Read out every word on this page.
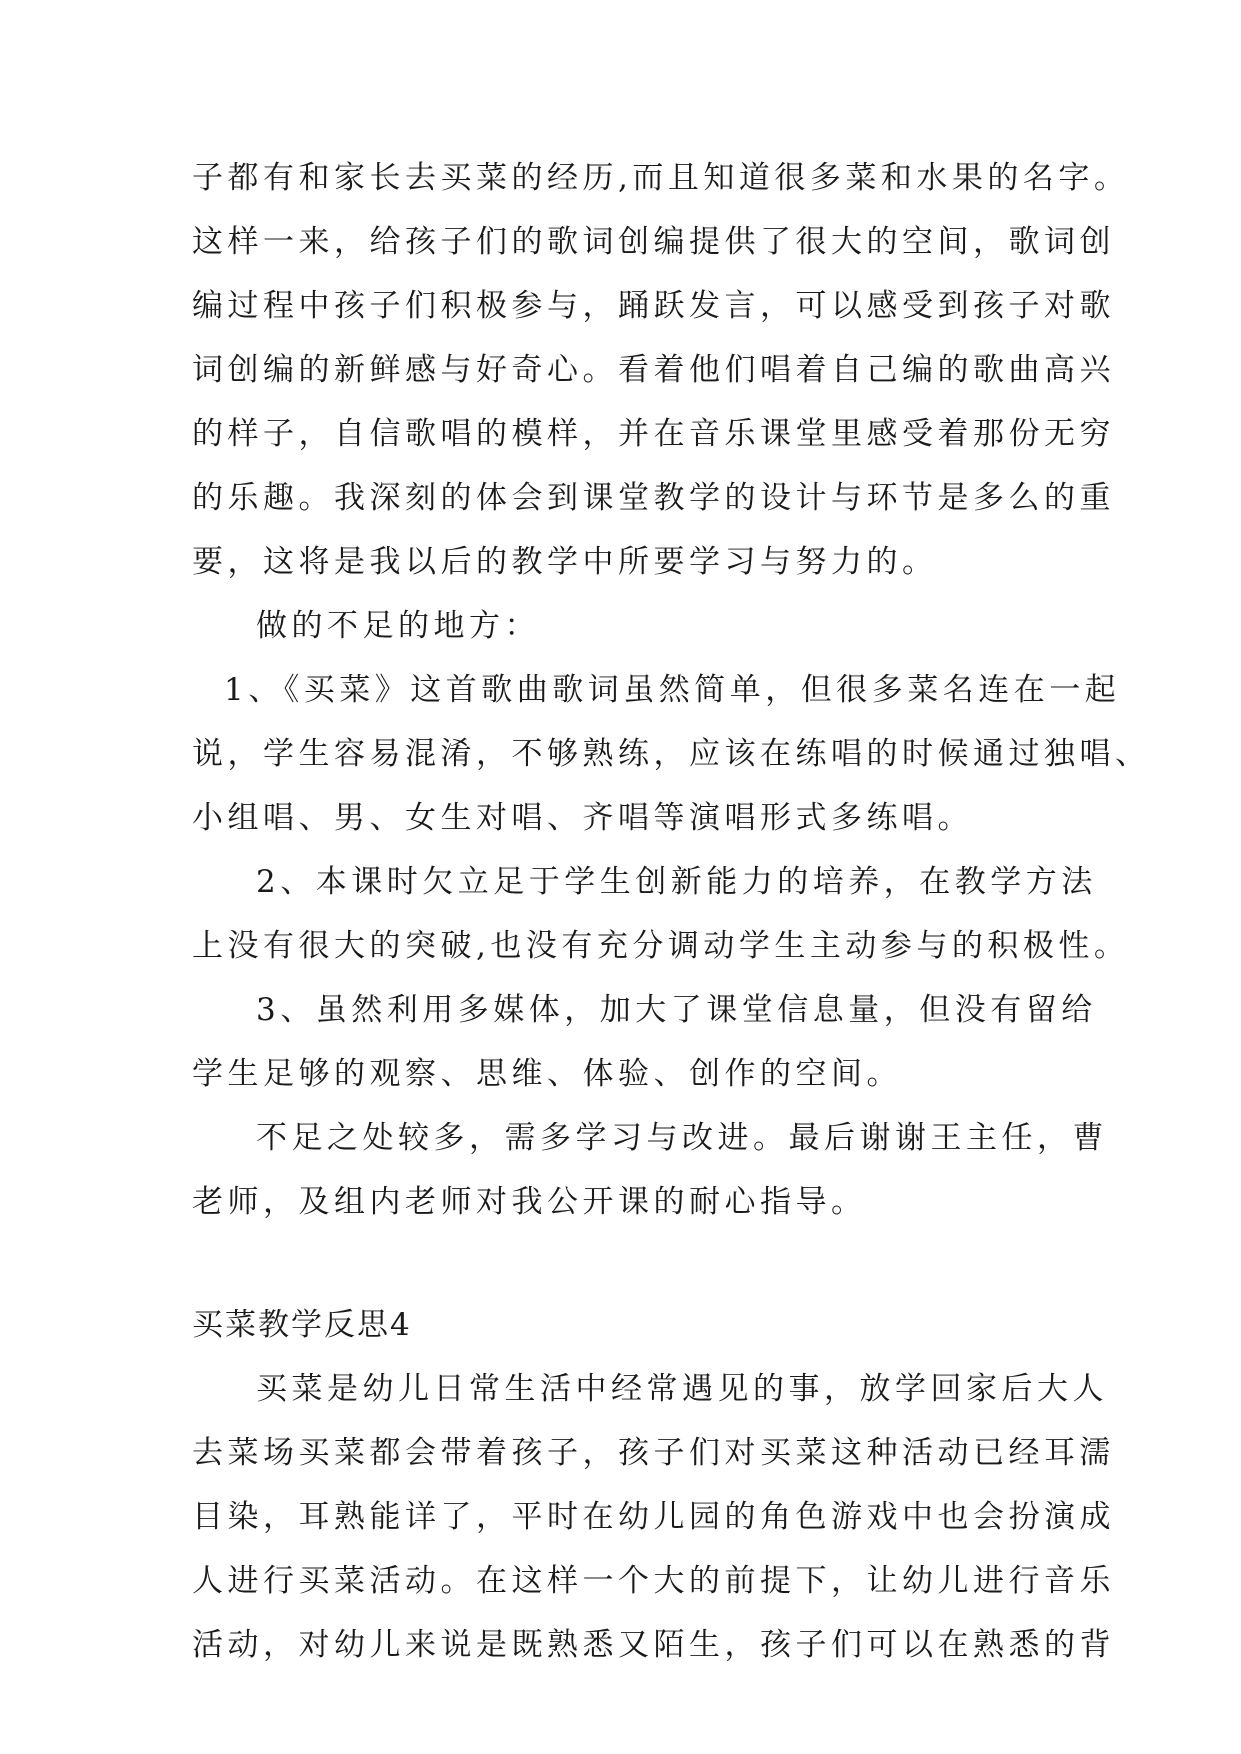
子都有和家长去买菜的经历,而且知道很多菜和水果的名字。
这样一来，给孩子们的歌词创编提供了很大的空间，歌词创
编过程中孩子们积极参与，踊跃发言，可以感受到孩子对歌
词创编的新鲜感与好奇心。看着他们唱着自己编的歌曲高兴
的样子，自信歌唱的模样，并在音乐课堂里感受着那份无穷
的乐趣。我深刻的体会到课堂教学的设计与环节是多么的重
要，这将是我以后的教学中所要学习与努力的。
做的不足的地方：
1、《买菜》这首歌曲歌词虽然简单，但很多菜名连在一起
说，学生容易混淆，不够熟练，应该在练唱的时候通过独唱、
小组唱、男、女生对唱、齐唱等演唱形式多练唱。
2、本课时欠立足于学生创新能力的培养，在教学方法
上没有很大的突破,也没有充分调动学生主动参与的积极性。
3、虽然利用多媒体，加大了课堂信息量，但没有留给
学生足够的观察、思维、体验、创作的空间。
不足之处较多，需多学习与改进。最后谢谢王主任，曹
老师，及组内老师对我公开课的耐心指导。
买菜教学反思4
买菜是幼儿日常生活中经常遇见的事，放学回家后大人
去菜场买菜都会带着孩子，孩子们对买菜这种活动已经耳濡
目染，耳熟能详了，平时在幼儿园的角色游戏中也会扮演成
人进行买菜活动。在这样一个大的前提下，让幼儿进行音乐
活动，对幼儿来说是既熟悉又陌生，孩子们可以在熟悉的背
